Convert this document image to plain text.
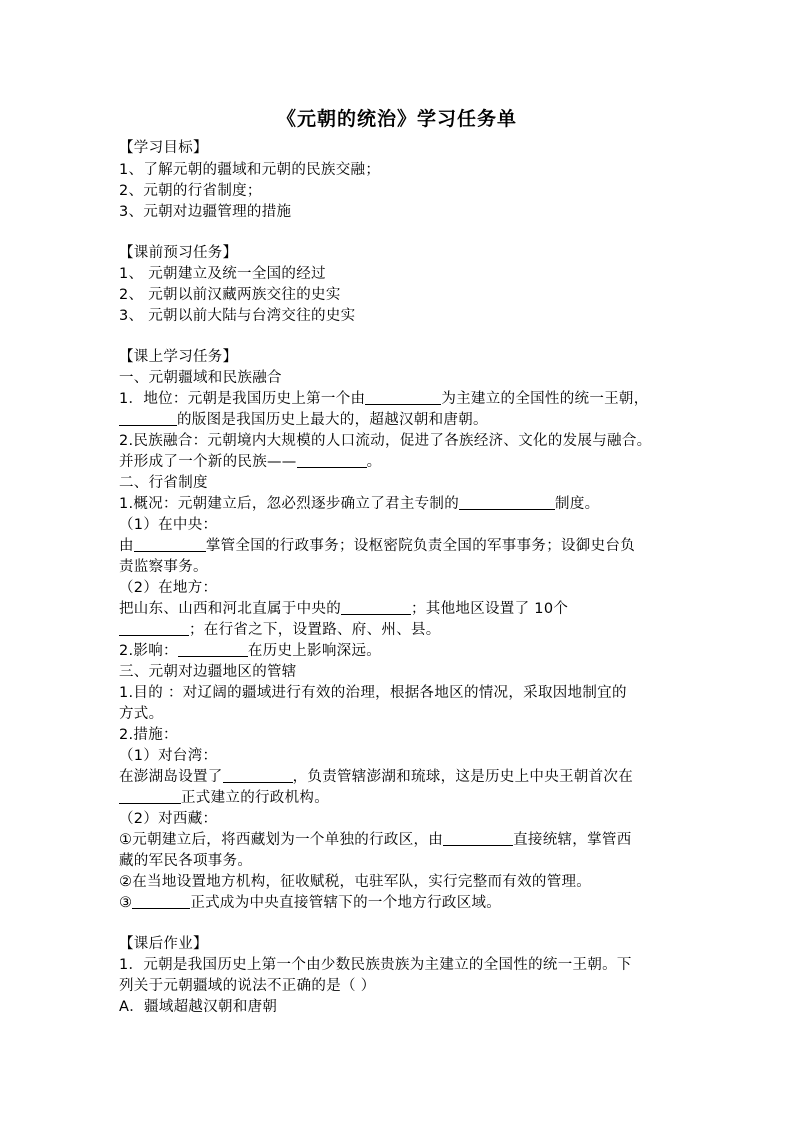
《元朝的统治》学习任务单
【学习目标】
1、了解元朝的疆域和元朝的民族交融；
2、元朝的行省制度；
3、元朝对边疆管理的措施
【课前预习任务】
1、 元朝建立及统一全国的经过
2、 元朝以前汉藏两族交往的史实
3、 元朝以前大陆与台湾交往的史实
【课上学习任务】
一、元朝疆域和民族融合
1．地位：元朝是我国历史上第一个由	为主建立的全国性的统一王朝，
的版图是我国历史上最大的，超越汉朝和唐朝。
2.民族融合：元朝境内大规模的人口流动，促进了各族经济、文化的发展与融合。
并形成了一个新的民族——	。
二、行省制度
1.概况：元朝建立后，忽必烈逐步确立了君主专制的	制度。
（1）在中央：
由	掌管全国的行政事务；设枢密院负责全国的军事事务；设御史台负
责监察事务。
（2）在地方：
把山东、山西和河北直属于中央的	；其他地区设置了 10个
；在行省之下，设置路、府、州、县。
2.影响：	在历史上影响深远。
三、元朝对边疆地区的管辖
1.目的 ：对辽阔的疆域进行有效的治理，根据各地区的情况，采取因地制宜的
方式。
2.措施：
（1）对台湾：
在澎湖岛设置了	，负责管辖澎湖和琉球，这是历史上中央王朝首次在
正式建立的行政机构。
（2）对西藏：
①元朝建立后，将西藏划为一个单独的行政区，由	直接统辖，掌管西
藏的军民各项事务。
②在当地设置地方机构，征收赋税，屯驻军队，实行完整而有效的管理。
③	正式成为中央直接管辖下的一个地方行政区域。
【课后作业】
1．元朝是我国历史上第一个由少数民族贵族为主建立的全国性的统一王朝。下
列关于元朝疆域的说法不正确的是（ ）
A．疆域超越汉朝和唐朝
